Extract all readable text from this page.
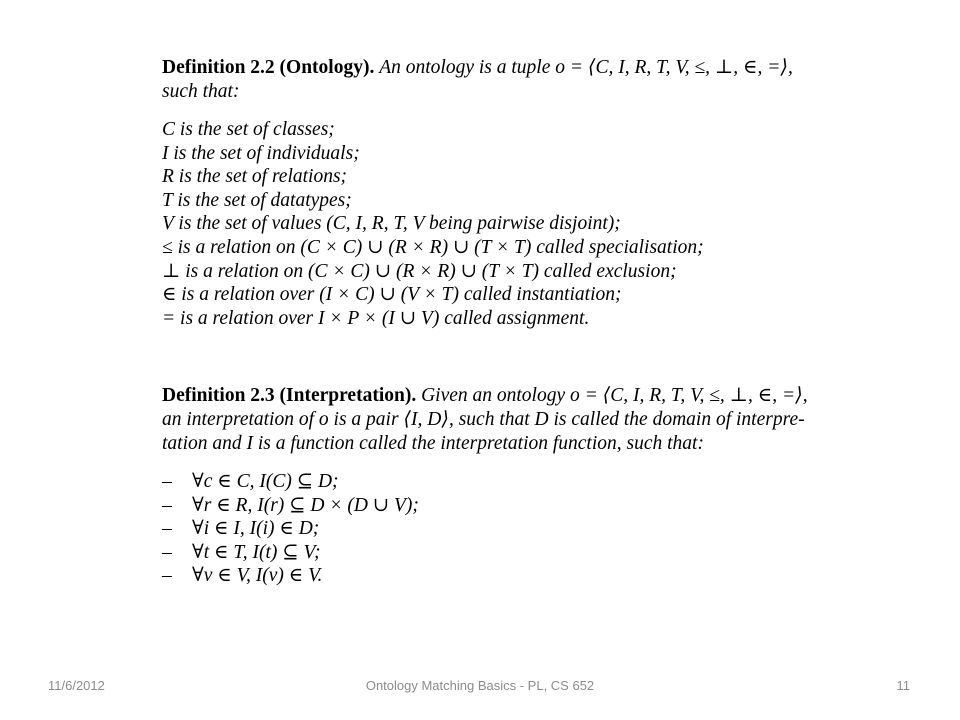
Definition 2.2 (Ontology). An ontology is a tuple o = ⟨C, I, R, T, V, ≤, ⊥, ∈, =⟩,
such that:
C is the set of classes;
I is the set of individuals;
R is the set of relations;
T is the set of datatypes;
V is the set of values (C, I, R, T, V being pairwise disjoint);
≤ is a relation on (C × C) ∪ (R × R) ∪ (T × T) called specialisation;
⊥ is a relation on (C × C) ∪ (R × R) ∪ (T × T) called exclusion;
∈ is a relation over (I × C) ∪ (V × T) called instantiation;
= is a relation over I × P × (I ∪ V) called assignment.
Definition 2.3 (Interpretation). Given an ontology o = ⟨C, I, R, T, V, ≤, ⊥, ∈, =⟩,
an interpretation of o is a pair ⟨I, D⟩, such that D is called the domain of interpre-
tation and I is a function called the interpretation function, such that:
– ∀c ∈ C, I(C) ⊆ D;
– ∀r ∈ R, I(r) ⊆ D × (D ∪ V);
– ∀i ∈ I, I(i) ∈ D;
– ∀t ∈ T, I(t) ⊆ V;
– ∀v ∈ V, I(v) ∈ V.
11/6/2012	Ontology Matching Basics - PL, CS 652	11
